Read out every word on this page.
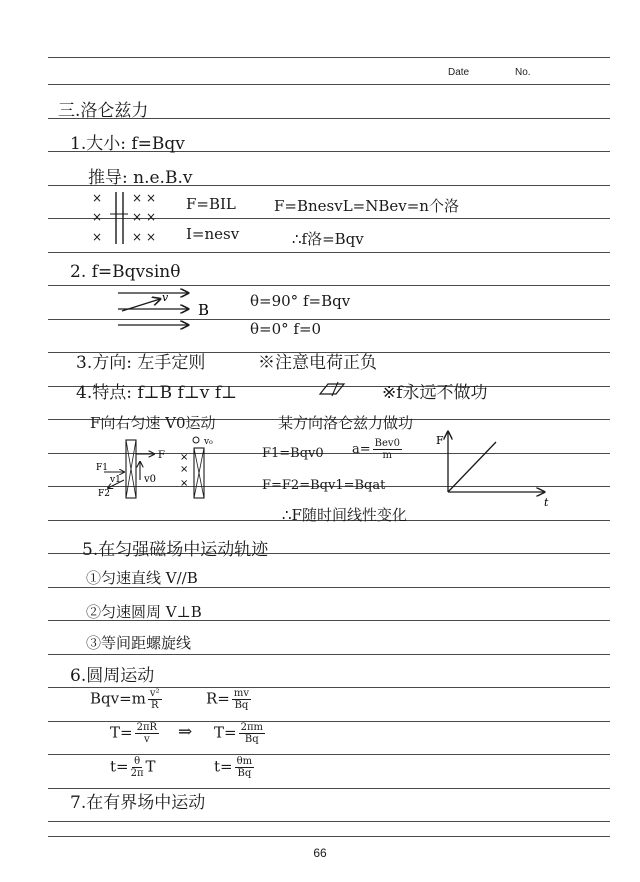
Date	No.
三.洛仑兹力
1.大小: f=Bqv
推导: n.e.B.v
× × ×
× × ×
× × ×
F=BIL	F=BnesvL=NBev=n个洛
I=nesv	∴f洛=Bqv
2. f=Bqvsinθ
v
B	θ=90° f=Bqv
θ=0° f=0
3.方向: 左手定则	※注意电荷正负
4.特点: f⊥B f⊥v f⊥	※f永远不做功
F向右匀速 V0运动	某方向洛仑兹力做功
F
v0
F1
F2
v1
v₀
×
×
×	F1=Bqv0 $a= \frac{\text{Bev0}}{m}$
F=F2=Bqv1=Bqat
F
t
∴F随时间线性变化
5.在匀强磁场中运动轨迹
①匀速直线 V//B
②匀速圆周 V⊥B
③等间距螺旋线
6.圆周运动
$Bqv=m \frac{\text{v²}}{R}$	$R= \frac{mv}{Bq}$
$T= \frac{2\pi R}{v}$ ⇒ $T= \frac{2\pi m}{Bq}$
$t= \frac{\theta}{2\pi}$ T	$t= \frac{\theta m}{Bq}$
7.在有界场中运动
66
